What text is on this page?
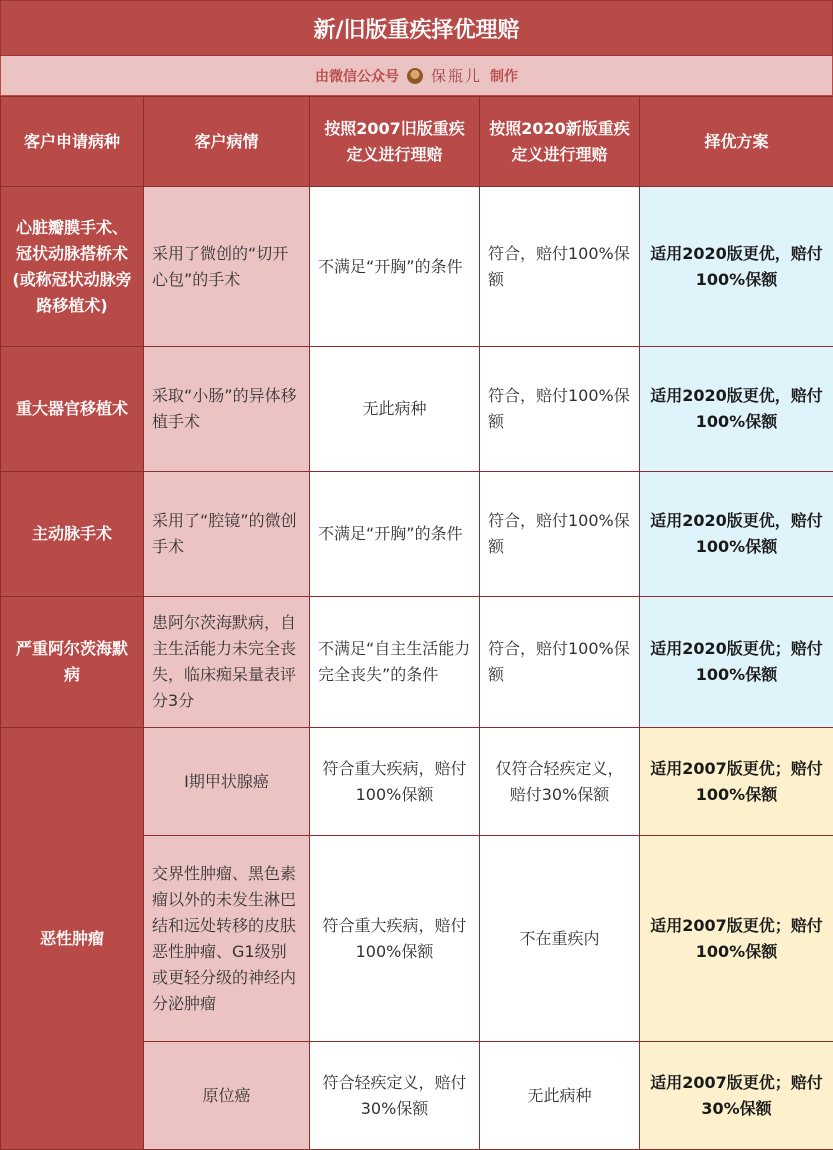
新/旧版重疾择优理赔
由微信公众号 保瓶儿 制作
客户申请病种	客户病情	按照2007旧版重疾定义进行理赔	按照2020新版重疾定义进行理赔	择优方案
心脏瓣膜手术、冠状动脉搭桥术(或称冠状动脉旁路移植术)	采用了微创的“切开心包”的手术	不满足“开胸”的条件	符合，赔付100%保额	适用2020版更优，赔付100%保额
重大器官移植术	采取“小肠”的异体移植手术	无此病种	符合，赔付100%保额	适用2020版更优，赔付100%保额
主动脉手术	采用了“腔镜”的微创手术	不满足“开胸”的条件	符合，赔付100%保额	适用2020版更优，赔付100%保额
严重阿尔茨海默病	患阿尔茨海默病，自主生活能力未完全丧失，临床痴呆量表评分3分	不满足“自主生活能力完全丧失”的条件	符合，赔付100%保额	适用2020版更优；赔付100%保额
恶性肿瘤	Ⅰ期甲状腺癌	符合重大疾病，赔付100%保额	仅符合轻疾定义，赔付30%保额	适用2007版更优；赔付100%保额
	交界性肿瘤、黑色素瘤以外的未发生淋巴结和远处转移的皮肤恶性肿瘤、G1级别或更轻分级的神经内分泌肿瘤	符合重大疾病，赔付100%保额	不在重疾内	适用2007版更优；赔付100%保额
	原位癌	符合轻疾定义，赔付30%保额	无此病种	适用2007版更优；赔付30%保额
